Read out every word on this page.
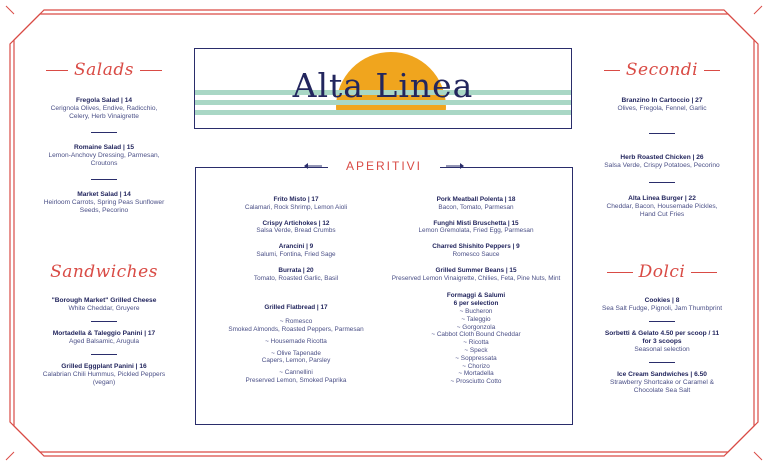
Alta Linea
Salads
Fregola Salad | 14
Cerignola Olives, Endive, Radicchio, Celery, Herb Vinaigrette
Romaine Salad | 15
Lemon-Anchovy Dressing, Parmesan, Croutons
Market Salad | 14
Heirloom Carrots, Spring Peas Sunflower Seeds, Pecorino
Sandwiches
"Borough Market" Grilled Cheese
White Cheddar, Gruyere
Mortadella & Taleggio Panini | 17
Aged Balsamic, Arugula
Grilled Eggplant Panini | 16
Calabrian Chili Hummus, Pickled Peppers (vegan)
Secondi
Branzino In Cartoccio | 27
Olives, Fregola, Fennel, Garlic
Herb Roasted Chicken | 26
Salsa Verde, Crispy Potatoes, Pecorino
Alta Linea Burger | 22
Cheddar, Bacon, Housemade Pickles, Hand Cut Fries
Dolci
Cookies | 8
Sea Salt Fudge, Pignoli, Jam Thumbprint
Sorbetti & Gelato 4.50 per scoop / 11 for 3 scoops
Seasonal selection
Ice Cream Sandwiches | 6.50
Strawberry Shortcake or Caramel & Chocolate Sea Salt
APERITIVI
Frito Misto | 17
Calamari, Rock Shrimp, Lemon Aioli
Crispy Artichokes | 12
Salsa Verde, Bread Crumbs
Arancini | 9
Salumi, Fontina, Fried Sage
Burrata | 20
Tomato, Roasted Garlic, Basil
Grilled Flatbread | 17
~ Romesco
Smoked Almonds, Roasted Peppers, Parmesan
~ Housemade Ricotta
~ Olive Tapenade
Capers, Lemon, Parsley
~ Cannellini
Preserved Lemon, Smoked Paprika
Pork Meatball Polenta | 18
Bacon, Tomato, Parmesan
Funghi Misti Bruschetta | 15
Lemon Gremolata, Fried Egg, Parmesan
Charred Shishito Peppers | 9
Romesco Sauce
Grilled Summer Beans | 15
Preserved Lemon Vinaigrette, Chilies, Feta, Pine Nuts, Mint
Formaggi & Salumi
6 per selection
~ Bucheron
~ Taleggio
~ Gorgonzola
~ Cabbot Cloth Bound Cheddar
~ Ricotta
~ Speck
~ Soppressata
~ Chorizo
~ Mortadella
~ Prosciutto Cotto
